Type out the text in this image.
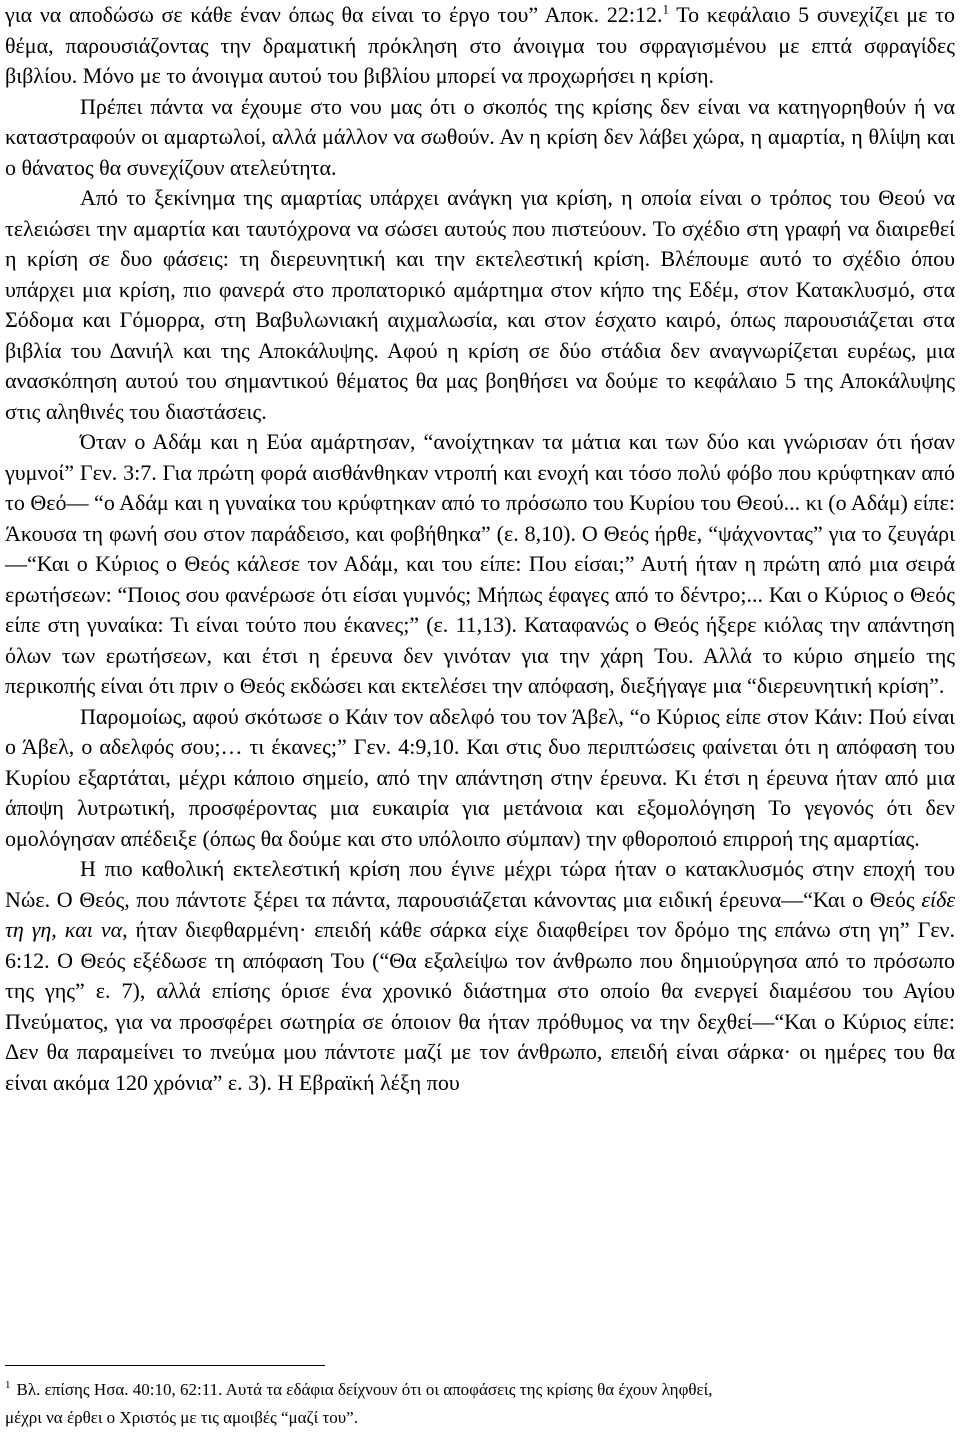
για να αποδώσω σε κάθε έναν όπως θα είναι το έργο του” Αποκ. 22:12.$^1$ Το κεφάλαιο 5 συνεχίζει με το θέμα, παρουσιάζοντας την δραματική πρόκληση στο άνοιγμα του σφραγισμένου με επτά σφραγίδες βιβλίου. Μόνο με το άνοιγμα αυτού του βιβλίου μπορεί να προχωρήσει η κρίση.

Πρέπει πάντα να έχουμε στο νου μας ότι ο σκοπός της κρίσης δεν είναι να κατηγορηθούν ή να καταστραφούν οι αμαρτωλοί, αλλά μάλλον να σωθούν. Αν η κρίση δεν λάβει χώρα, η αμαρτία, η θλίψη και ο θάνατος θα συνεχίζουν ατελεύτητα.

Από το ξεκίνημα της αμαρτίας υπάρχει ανάγκη για κρίση, η οποία είναι ο τρόπος του Θεού να τελειώσει την αμαρτία και ταυτόχρονα να σώσει αυτούς που πιστεύουν. Το σχέδιο στη γραφή να διαιρεθεί η κρίση σε δυο φάσεις: τη διερευνητική και την εκτελεστική κρίση. Βλέπουμε αυτό το σχέδιο όπου υπάρχει μια κρίση, πιο φανερά στο προπατορικό αμάρτημα στον κήπο της Εδέμ, στον Κατακλυσμό, στα Σόδομα και Γόμορρα, στη Βαβυλωνιακή αιχμαλωσία, και στον έσχατο καιρό, όπως παρουσιάζεται στα βιβλία του Δανιήλ και της Αποκάλυψης. Αφού η κρίση σε δύο στάδια δεν αναγνωρίζεται ευρέως, μια ανασκόπηση αυτού του σημαντικού θέματος θα μας βοηθήσει να δούμε το κεφάλαιο 5 της Αποκάλυψης στις αληθινές του διαστάσεις.

Όταν ο Αδάμ και η Εύα αμάρτησαν, “ανοίχτηκαν τα μάτια και των δύο και γνώρισαν ότι ήσαν γυμνοί” Γεν. 3:7. Για πρώτη φορά αισθάνθηκαν ντροπή και ενοχή και τόσο πολύ φόβο που κρύφτηκαν από το Θεό— “ο Αδάμ και η γυναίκα του κρύφτηκαν από το πρόσωπο του Κυρίου του Θεού... κι (ο Αδάμ) είπε: Άκουσα τη φωνή σου στον παράδεισο, και φοβήθηκα” (ε. 8,10). Ο Θεός ήρθε, “ψάχνοντας” για το ζευγάρι—“Και ο Κύριος ο Θεός κάλεσε τον Αδάμ, και του είπε: Που είσαι;” Αυτή ήταν η πρώτη από μια σειρά ερωτήσεων: “Ποιος σου φανέρωσε ότι είσαι γυμνός; Μήπως έφαγες από το δέντρο;... Και ο Κύριος ο Θεός είπε στη γυναίκα: Τι είναι τούτο που έκανες;” (ε. 11,13). Καταφανώς ο Θεός ήξερε κιόλας την απάντηση όλων των ερωτήσεων, και έτσι η έρευνα δεν γινόταν για την χάρη Του. Αλλά το κύριο σημείο της περικοπής είναι ότι πριν ο Θεός εκδώσει και εκτελέσει την απόφαση, διεξήγαγε μια “διερευνητική κρίση”.

Παρομοίως, αφού σκότωσε ο Κάιν τον αδελφό του τον Άβελ, “ο Κύριος είπε στον Κάιν: Πού είναι ο Άβελ, ο αδελφός σου;… τι έκανες;” Γεν. 4:9,10. Και στις δυο περιπτώσεις φαίνεται ότι η απόφαση του Κυρίου εξαρτάται, μέχρι κάποιο σημείο, από την απάντηση στην έρευνα. Κι έτσι η έρευνα ήταν από μια άποψη λυτρωτική, προσφέροντας μια ευκαιρία για μετάνοια και εξομολόγηση Το γεγονός ότι δεν ομολόγησαν απέδειξε (όπως θα δούμε και στο υπόλοιπο σύμπαν) την φθοροποιό επιρροή της αμαρτίας.

Η πιο καθολική εκτελεστική κρίση που έγινε μέχρι τώρα ήταν ο κατακλυσμός στην εποχή του Νώε. Ο Θεός, που πάντοτε ξέρει τα πάντα, παρουσιάζεται κάνοντας μια ειδική έρευνα—“Και ο Θεός είδε τη γη, και να, ήταν διεφθαρμένη· επειδή κάθε σάρκα είχε διαφθείρει τον δρόμο της επάνω στη γη” Γεν. 6:12. Ο Θεός εξέδωσε τη απόφαση Του (“Θα εξαλείψω τον άνθρωπο που δημιούργησα από το πρόσωπο της γης” ε. 7), αλλά επίσης όρισε ένα χρονικό διάστημα στο οποίο θα ενεργεί διαμέσου του Αγίου Πνεύματος, για να προσφέρει σωτηρία σε όποιον θα ήταν πρόθυμος να την δεχθεί—“Και ο Κύριος είπε: Δεν θα παραμείνει το πνεύμα μου πάντοτε μαζί με τον άνθρωπο, επειδή είναι σάρκα· οι ημέρες του θα είναι ακόμα 120 χρόνια” ε. 3). Η Εβραϊκή λέξη που

$^1$ Βλ. επίσης Ησα. 40:10, 62:11. Αυτά τα εδάφια δείχνουν ότι οι αποφάσεις της κρίσης θα έχουν ληφθεί,

μέχρι να έρθει ο Χριστός με τις αμοιβές “μαζί του”.
